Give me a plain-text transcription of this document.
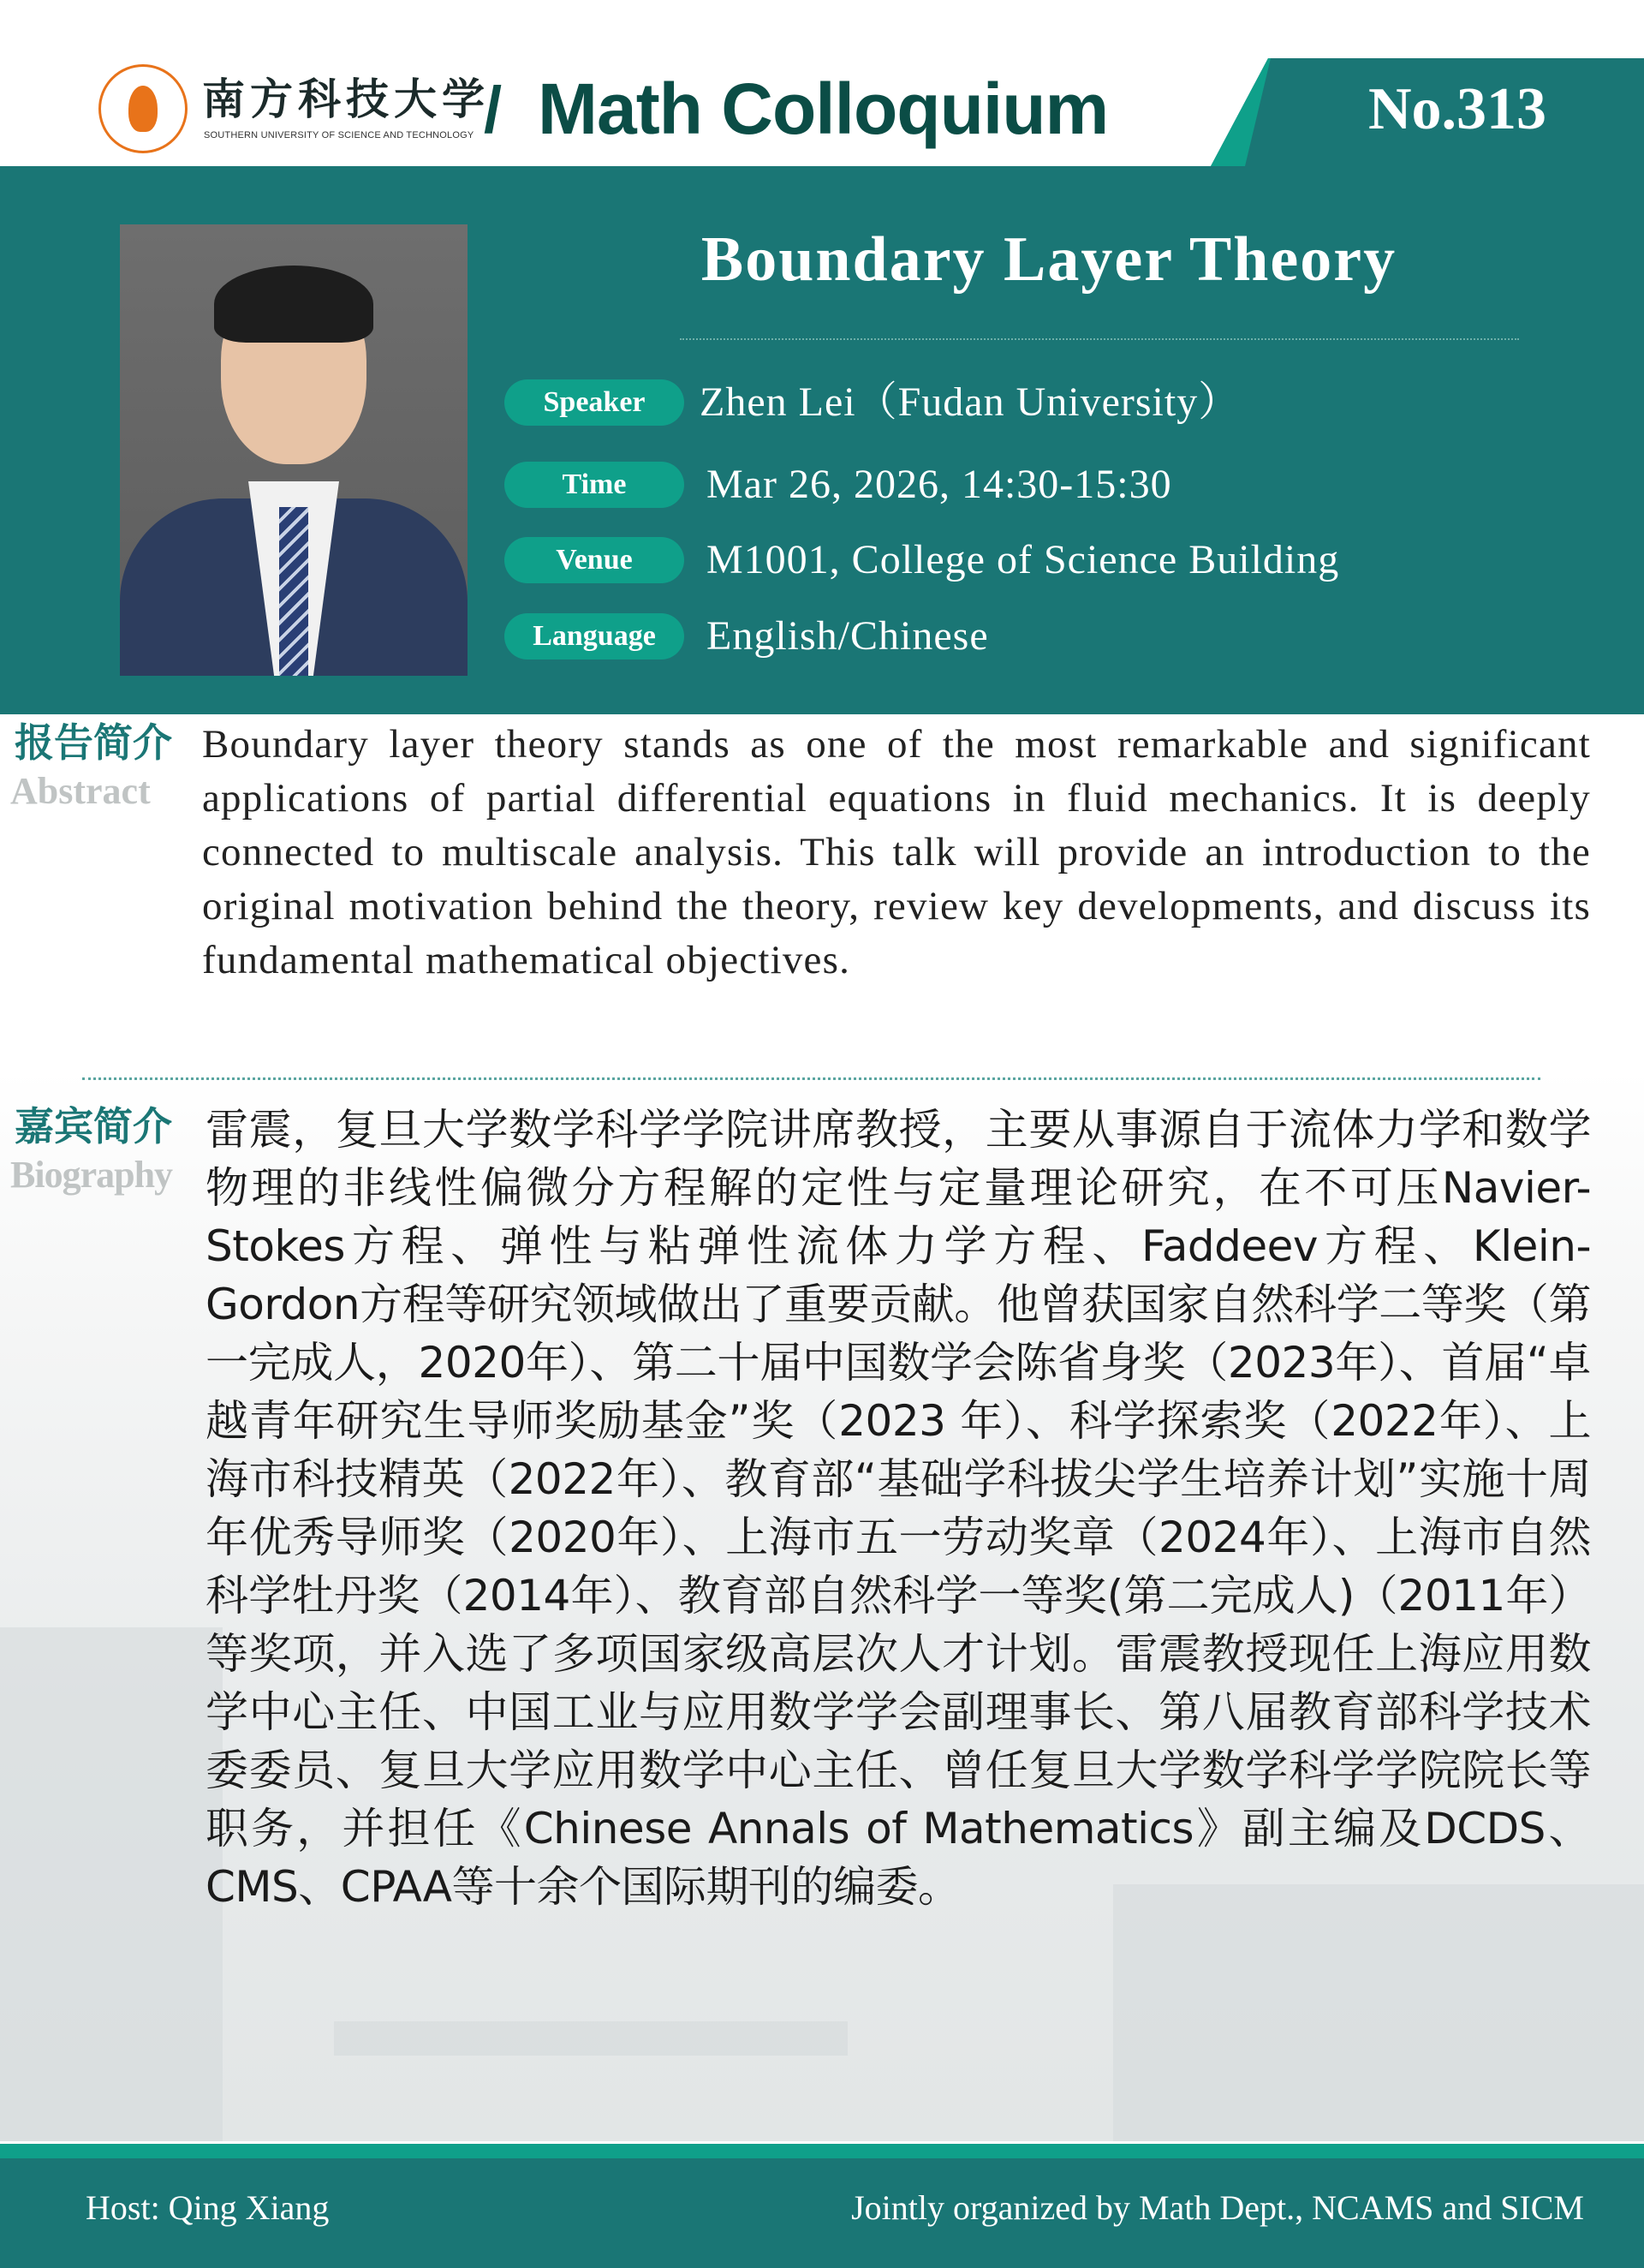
南方科技大学
SOUTHERN UNIVERSITY OF SCIENCE AND TECHNOLOGY / Math Colloquium	No.313
Boundary Layer Theory
Speaker	Zhen Lei（Fudan University）
Time	Mar 26, 2026, 14:30-15:30
Venue	M1001, College of Science Building
Language	English/Chinese
报告简介
Abstract
Boundary layer theory stands as one of the most remarkable and significant applications of partial differential equations in fluid mechanics. It is deeply connected to multiscale analysis. This talk will provide an introduction to the original motivation behind the theory, review key developments, and discuss its fundamental mathematical objectives.
嘉宾简介
Biography
雷震，复旦大学数学科学学院讲席教授，主要从事源自于流体力学和数学物理的非线性偏微分方程解的定性与定量理论研究，在不可压Navier-Stokes方程、弹性与粘弹性流体力学方程、Faddeev方程、Klein-Gordon方程等研究领域做出了重要贡献。他曾获国家自然科学二等奖（第一完成人，2020年）、第二十届中国数学会陈省身奖（2023年）、首届“卓越青年研究生导师奖励基金”奖（2023 年）、科学探索奖（2022年）、上海市科技精英（2022年）、教育部“基础学科拔尖学生培养计划”实施十周年优秀导师奖（2020年）、上海市五一劳动奖章（2024年）、上海市自然科学牡丹奖（2014年）、教育部自然科学一等奖(第二完成人)（2011年）等奖项，并入选了多项国家级高层次人才计划。雷震教授现任上海应用数学中心主任、中国工业与应用数学学会副理事长、第八届教育部科学技术委委员、复旦大学应用数学中心主任、曾任复旦大学数学科学学院院长等职务，并担任《Chinese Annals of Mathematics》副主编及DCDS、CMS、CPAA等十余个国际期刊的编委。
Host: Qing Xiang	Jointly organized by Math Dept., NCAMS and SICM
